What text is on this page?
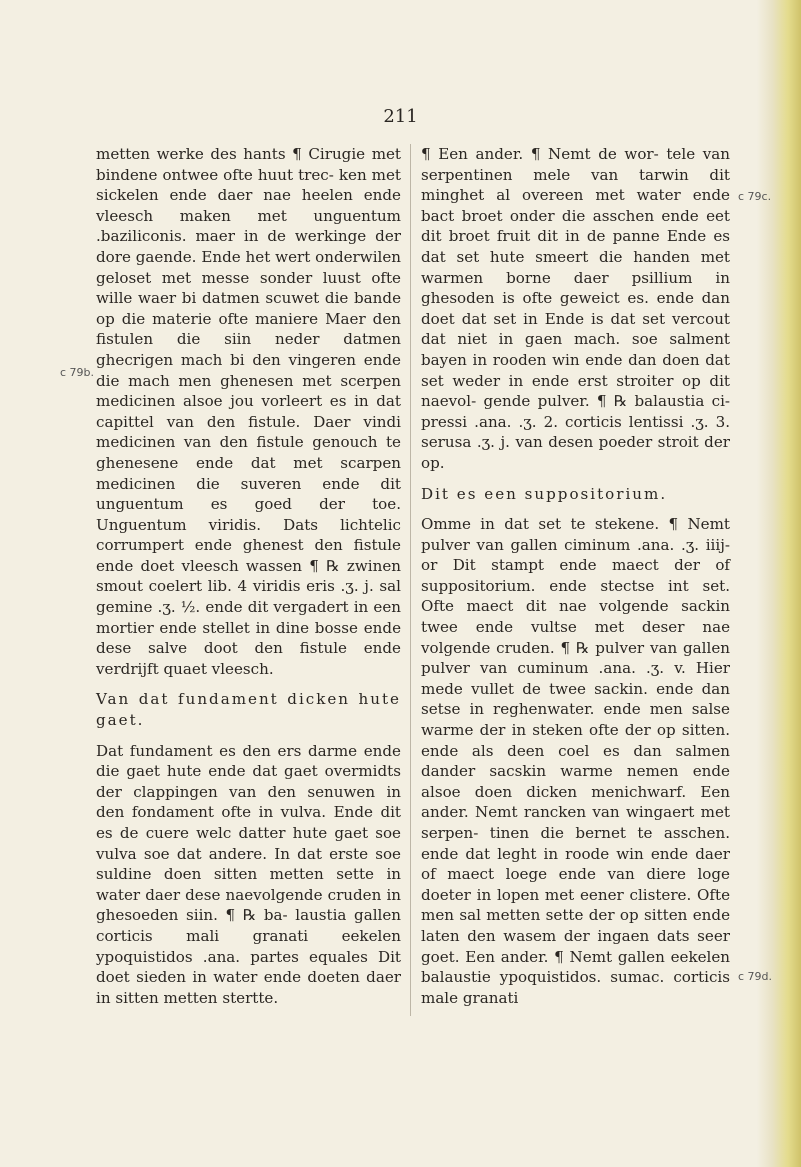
211

metten werke des hants ¶ Cirugie met bindene ontwee ofte huut trec- ken met sickelen ende daer nae heelen ende vleesch maken met unguentum .baziliconis. maer in de werkinge der dore gaende. Ende het wert onderwilen geloset met messe sonder luust ofte wille waer bi datmen scuwet die bande op die materie ofte maniere Maer den fistulen die siin neder datmen ghecrigen mach bi den vingeren ende die mach men ghenesen met scerpen medicinen alsoe jou vorleert es in dat capittel van den fistule. Daer vindi medicinen van den fistule genouch te ghenesene ende dat met scarpen medicinen die suveren ende dit unguentum es goed der toe. Unguentum viridis. Dats lichtelic corrumpert ende ghenest den fistule ende doet vleesch wassen ¶ ℞ zwinen smout coelert lib. 4 viridis eris .ʒ. j. sal gemine .ʒ. ½. ende dit vergadert in een mortier ende stellet in dine bosse ende dese salve doot den fistule ende verdrijft quaet vleesch.

Van dat fundament dicken hute gaet.

Dat fundament es den ers darme ende die gaet hute ende dat gaet overmidts der clappingen van den senuwen in den fondament ofte in vulva. Ende dit es de cuere welc datter hute gaet soe vulva soe dat andere. In dat erste soe suldine doen sitten metten sette in water daer dese naevolgende cruden in ghesoeden siin. ¶ ℞ ba- laustia gallen corticis mali granati eekelen ypoquistidos .ana. partes equales Dit doet sieden in water ende doeten daer in sitten metten stertte.

¶ Een ander. ¶ Nemt de wor- tele van serpentinen mele van tarwin dit minghet al overeen met water ende bact broet onder die asschen ende eet dit broet fruit dit in de panne Ende es dat set hute smeert die handen met warmen borne daer psillium in ghesoden is ofte geweict es. ende dan doet dat set in Ende is dat set vercout dat niet in gaen mach. soe salment bayen in rooden win ende dan doen dat set weder in ende erst stroiter op dit naevol- gende pulver. ¶ ℞ balaustia ci- pressi .ana. .ʒ. 2. corticis lentissi .ʒ. 3. serusa .ʒ. j. van desen poeder stroit der op.

Dit es een suppositorium.

Omme in dat set te stekene. ¶ Nemt pulver van gallen ciminum .ana. .ʒ. iiij-or Dit stampt ende maect der of suppositorium. ende stectse int set. Ofte maect dit nae volgende sackin twee ende vultse met deser nae volgende cruden. ¶ ℞ pulver van gallen pulver van cuminum .ana. .ʒ. v. Hier mede vullet de twee sackin. ende dan setse in reghenwater. ende men salse warme der in steken ofte der op sitten. ende als deen coel es dan salmen dander sacskin warme nemen ende alsoe doen dicken menichwarf. Een ander. Nemt rancken van wingaert met serpen- tinen die bernet te asschen. ende dat leght in roode win ende daer of maect loege ende van diere loge doeter in lopen met eener clistere. Ofte men sal metten sette der op sitten ende laten den wasem der ingaen dats seer goet. Een ander. ¶ Nemt gallen eekelen balaustie ypoquistidos. sumac. corticis male granati

c 79b.
c 79c.
c 79d.
